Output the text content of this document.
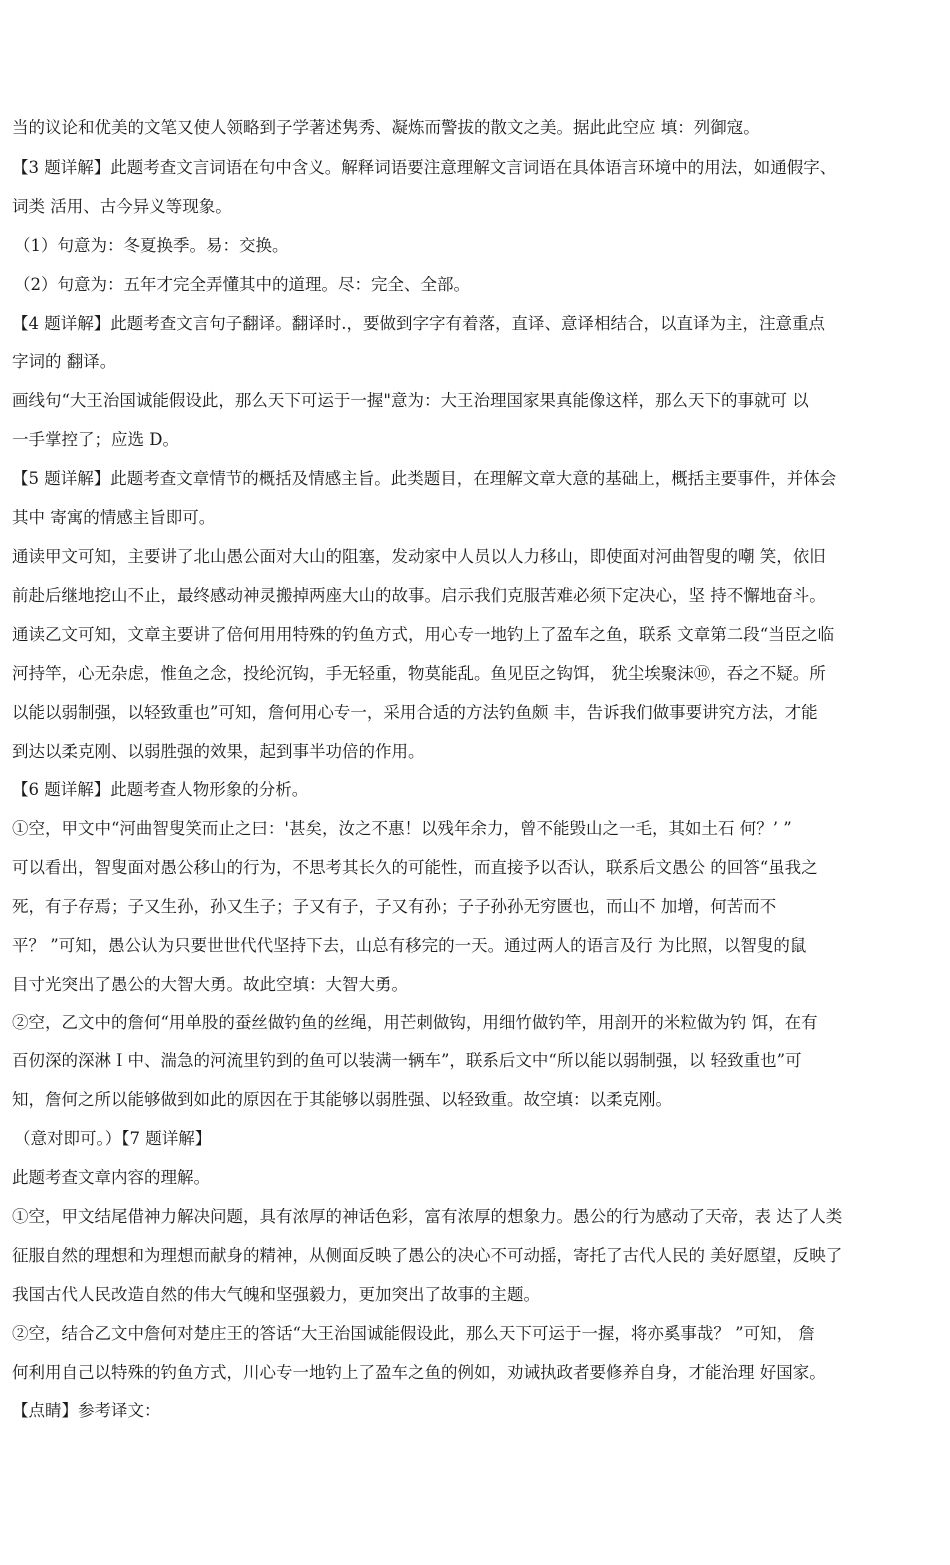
当的议论和优美的文笔又使人领略到子学著述隽秀、凝炼而警拔的散文之美。据此此空应 填：列御寇。
【3 题详解】此题考查文言词语在句中含义。解释词语要注意理解文言词语在具体语言环境中的用法，如通假字、
词类 活用、古今异义等现象。
（1）句意为：冬夏换季。易：交换。
（2）句意为：五年才完全弄懂其中的道理。尽：完全、全部。
【4 题详解】此题考查文言句子翻译。翻译时.，要做到字字有着落，直译、意译相结合，以直译为主，注意重点
字词的 翻译。
画线句“大王治国诚能假设此，那么天下可运于一握"意为：大王治理国家果真能像这样，那么天下的事就可 以
一手掌控了；应选 D。
【5 题详解】此题考查文章情节的概括及情感主旨。此类题目，在理解文章大意的基础上，概括主要事件，并体会
其中 寄寓的情感主旨即可。
通读甲文可知，主要讲了北山愚公面对大山的阻塞，发动家中人员以人力移山，即使面对河曲智叟的嘲 笑，依旧
前赴后继地挖山不止，最终感动神灵搬掉两座大山的故事。启示我们克服苦难必须下定决心，坚 持不懈地奋斗。
通读乙文可知，文章主要讲了倍何用用特殊的钓鱼方式，用心专一地钓上了盈车之鱼，联系 文章第二段“当臣之临
河持竿，心无杂虑，惟鱼之念，投纶沉钩，手无轻重，物莫能乱。鱼见臣之钩饵， 犹尘埃聚沫⑩，吞之不疑。所
以能以弱制强，以轻致重也”可知，詹何用心专一，采用合适的方法钓鱼颇 丰，告诉我们做事要讲究方法，才能
到达以柔克刚、以弱胜强的效果，起到事半功倍的作用。
【6 题详解】此题考查人物形象的分析。
①空，甲文中“河曲智叟笑而止之曰：'甚矣，汝之不惠！以残年余力，曾不能毁山之一毛，其如土石 何？’ ”
可以看出，智叟面对愚公移山的行为，不思考其长久的可能性，而直接予以否认，联系后文愚公 的回答“虽我之
死，有子存焉；子又生孙，孙又生子；子又有子，子又有孙；子子孙孙无穷匮也，而山不 加增，何苦而不
平？ ”可知，愚公认为只要世世代代坚持下去，山总有移完的一天。通过两人的语言及行 为比照，以智叟的鼠
目寸光突出了愚公的大智大勇。故此空填：大智大勇。
②空，乙文中的詹何“用单股的蚕丝做钓鱼的丝绳，用芒刺做钩，用细竹做钓竿，用剖开的米粒做为钓 饵，在有
百仞深的深淋Ｉ中、湍急的河流里钓到的鱼可以装满一辆车”，联系后文中“所以能以弱制强，以 轻致重也”可
知，詹何之所以能够做到如此的原因在于其能够以弱胜强、以轻致重。故空填：以柔克刚。
（意对即可。）【7 题详解】
此题考查文章内容的理解。
①空，甲文结尾借神力解决问题，具有浓厚的神话色彩，富有浓厚的想象力。愚公的行为感动了天帝，表 达了人类
征服自然的理想和为理想而献身的精神，从侧面反映了愚公的决心不可动摇，寄托了古代人民的 美好愿望，反映了
我国古代人民改造自然的伟大气魄和坚强毅力，更加突出了故事的主题。
②空，结合乙文中詹何对楚庄王的答话“大王治国诚能假设此，那么天下可运于一握，将亦奚事哉？ ”可知， 詹
何利用自己以特殊的钓鱼方式，川心专一地钓上了盈车之鱼的例如，劝诫执政者要修养自身，才能治理 好国家。
【点睛】参考译文：
